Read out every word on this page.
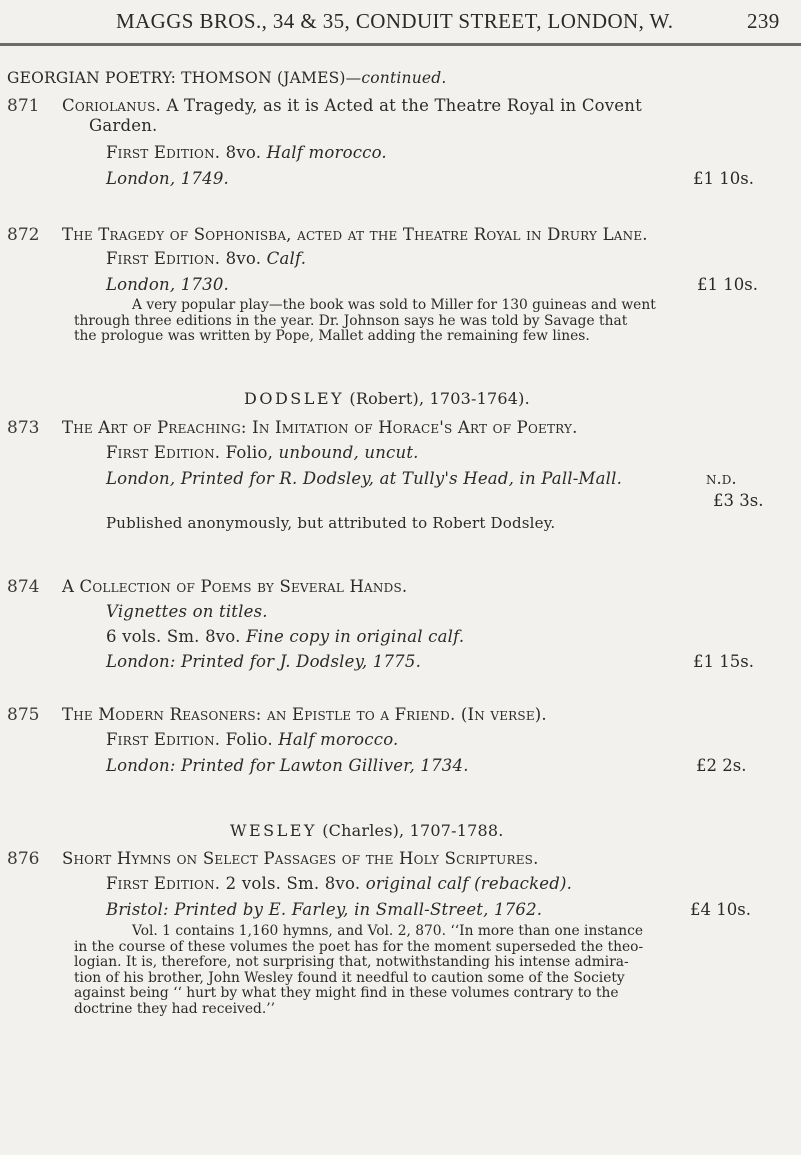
MAGGS BROS., 34 & 35, CONDUIT STREET, LONDON, W.	239
GEORGIAN POETRY: THOMSON (JAMES)—continued.
871 Coriolanus. A Tragedy, as it is Acted at the Theatre Royal in Covent
Garden.
First Edition. 8vo. Half morocco.
London, 1749.	£1 10s.
872 The Tragedy of Sophonisba, acted at the Theatre Royal in Drury Lane.
First Edition. 8vo. Calf.
London, 1730.	£1 10s.
A very popular play—the book was sold to Miller for 130 guineas and went
through three editions in the year. Dr. Johnson says he was told by Savage that
the prologue was written by Pope, Mallet adding the remaining few lines.
DODSLEY (Robert), 1703-1764).
873 The Art of Preaching: In Imitation of Horace's Art of Poetry.
First Edition. Folio, unbound, uncut.
London, Printed for R. Dodsley, at Tully's Head, in Pall-Mall.	n.d.
£3 3s.
Published anonymously, but attributed to Robert Dodsley.
874 A Collection of Poems by Several Hands.
Vignettes on titles.
6 vols. Sm. 8vo. Fine copy in original calf.
London: Printed for J. Dodsley, 1775.	£1 15s.
875 The Modern Reasoners: an Epistle to a Friend. (In verse).
First Edition. Folio. Half morocco.
London: Printed for Lawton Gilliver, 1734.	£2 2s.
WESLEY (Charles), 1707-1788.
876 Short Hymns on Select Passages of the Holy Scriptures.
First Edition. 2 vols. Sm. 8vo. original calf (rebacked).
Bristol: Printed by E. Farley, in Small-Street, 1762.	£4 10s.
Vol. 1 contains 1,160 hymns, and Vol. 2, 870. ‘‘In more than one instance
in the course of these volumes the poet has for the moment superseded the theo-
logian. It is, therefore, not surprising that, notwithstanding his intense admira-
tion of his brother, John Wesley found it needful to caution some of the Society
against being ‘‘ hurt by what they might find in these volumes contrary to the
doctrine they had received.’’
